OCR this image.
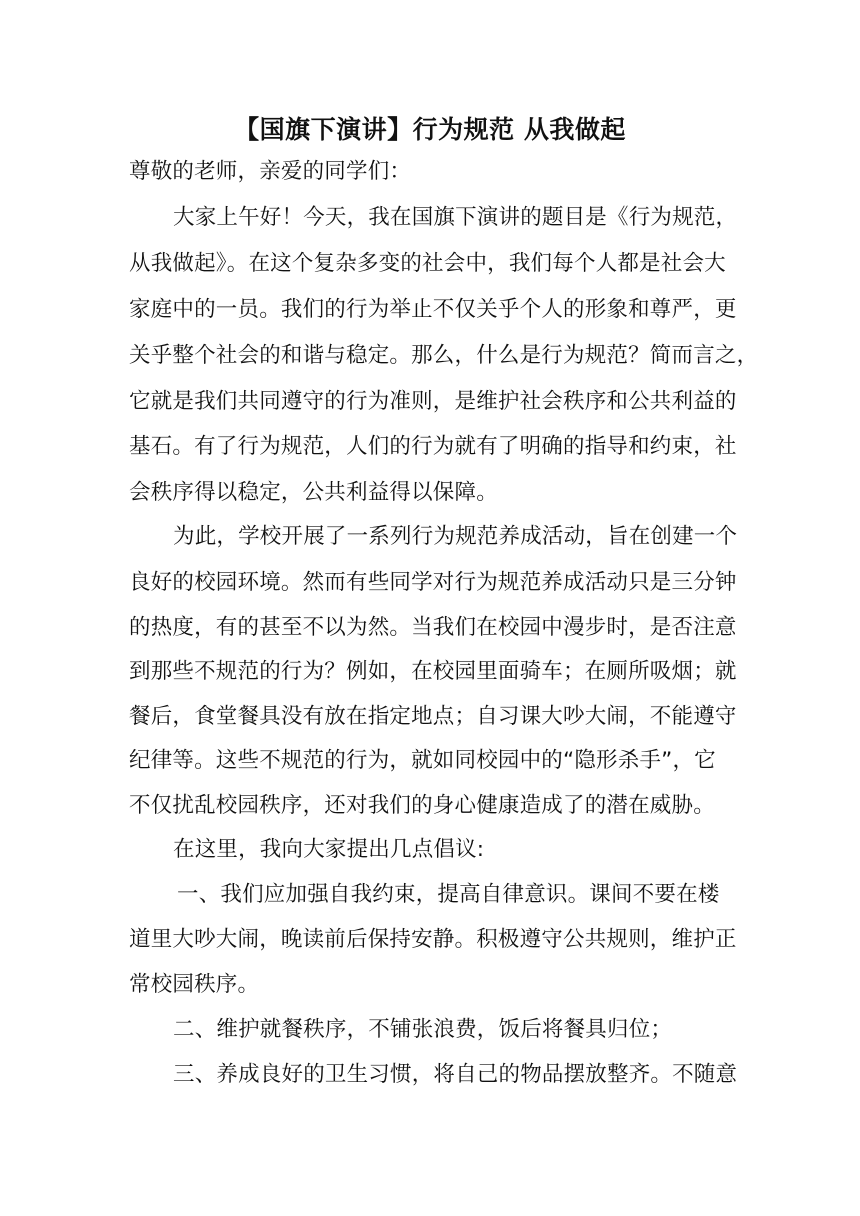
【国旗下演讲】行为规范 从我做起
尊敬的老师，亲爱的同学们：
大家上午好！今天，我在国旗下演讲的题目是《行为规范，
从我做起》。在这个复杂多变的社会中，我们每个人都是社会大
家庭中的一员。我们的行为举止不仅关乎个人的形象和尊严，更
关乎整个社会的和谐与稳定。那么，什么是行为规范？简而言之，
它就是我们共同遵守的行为准则，是维护社会秩序和公共利益的
基石。有了行为规范，人们的行为就有了明确的指导和约束，社
会秩序得以稳定，公共利益得以保障。
为此，学校开展了一系列行为规范养成活动，旨在创建一个
良好的校园环境。然而有些同学对行为规范养成活动只是三分钟
的热度，有的甚至不以为然。当我们在校园中漫步时，是否注意
到那些不规范的行为？例如，在校园里面骑车；在厕所吸烟；就
餐后，食堂餐具没有放在指定地点；自习课大吵大闹，不能遵守
纪律等。这些不规范的行为，就如同校园中的“隐形杀手”，它
不仅扰乱校园秩序，还对我们的身心健康造成了的潜在威胁。
在这里，我向大家提出几点倡议:
一、我们应加强自我约束，提高自律意识。课间不要在楼
道里大吵大闹，晚读前后保持安静。积极遵守公共规则，维护正
常校园秩序。
二、维护就餐秩序，不铺张浪费，饭后将餐具归位；
三、养成良好的卫生习惯，将自己的物品摆放整齐。不随意
